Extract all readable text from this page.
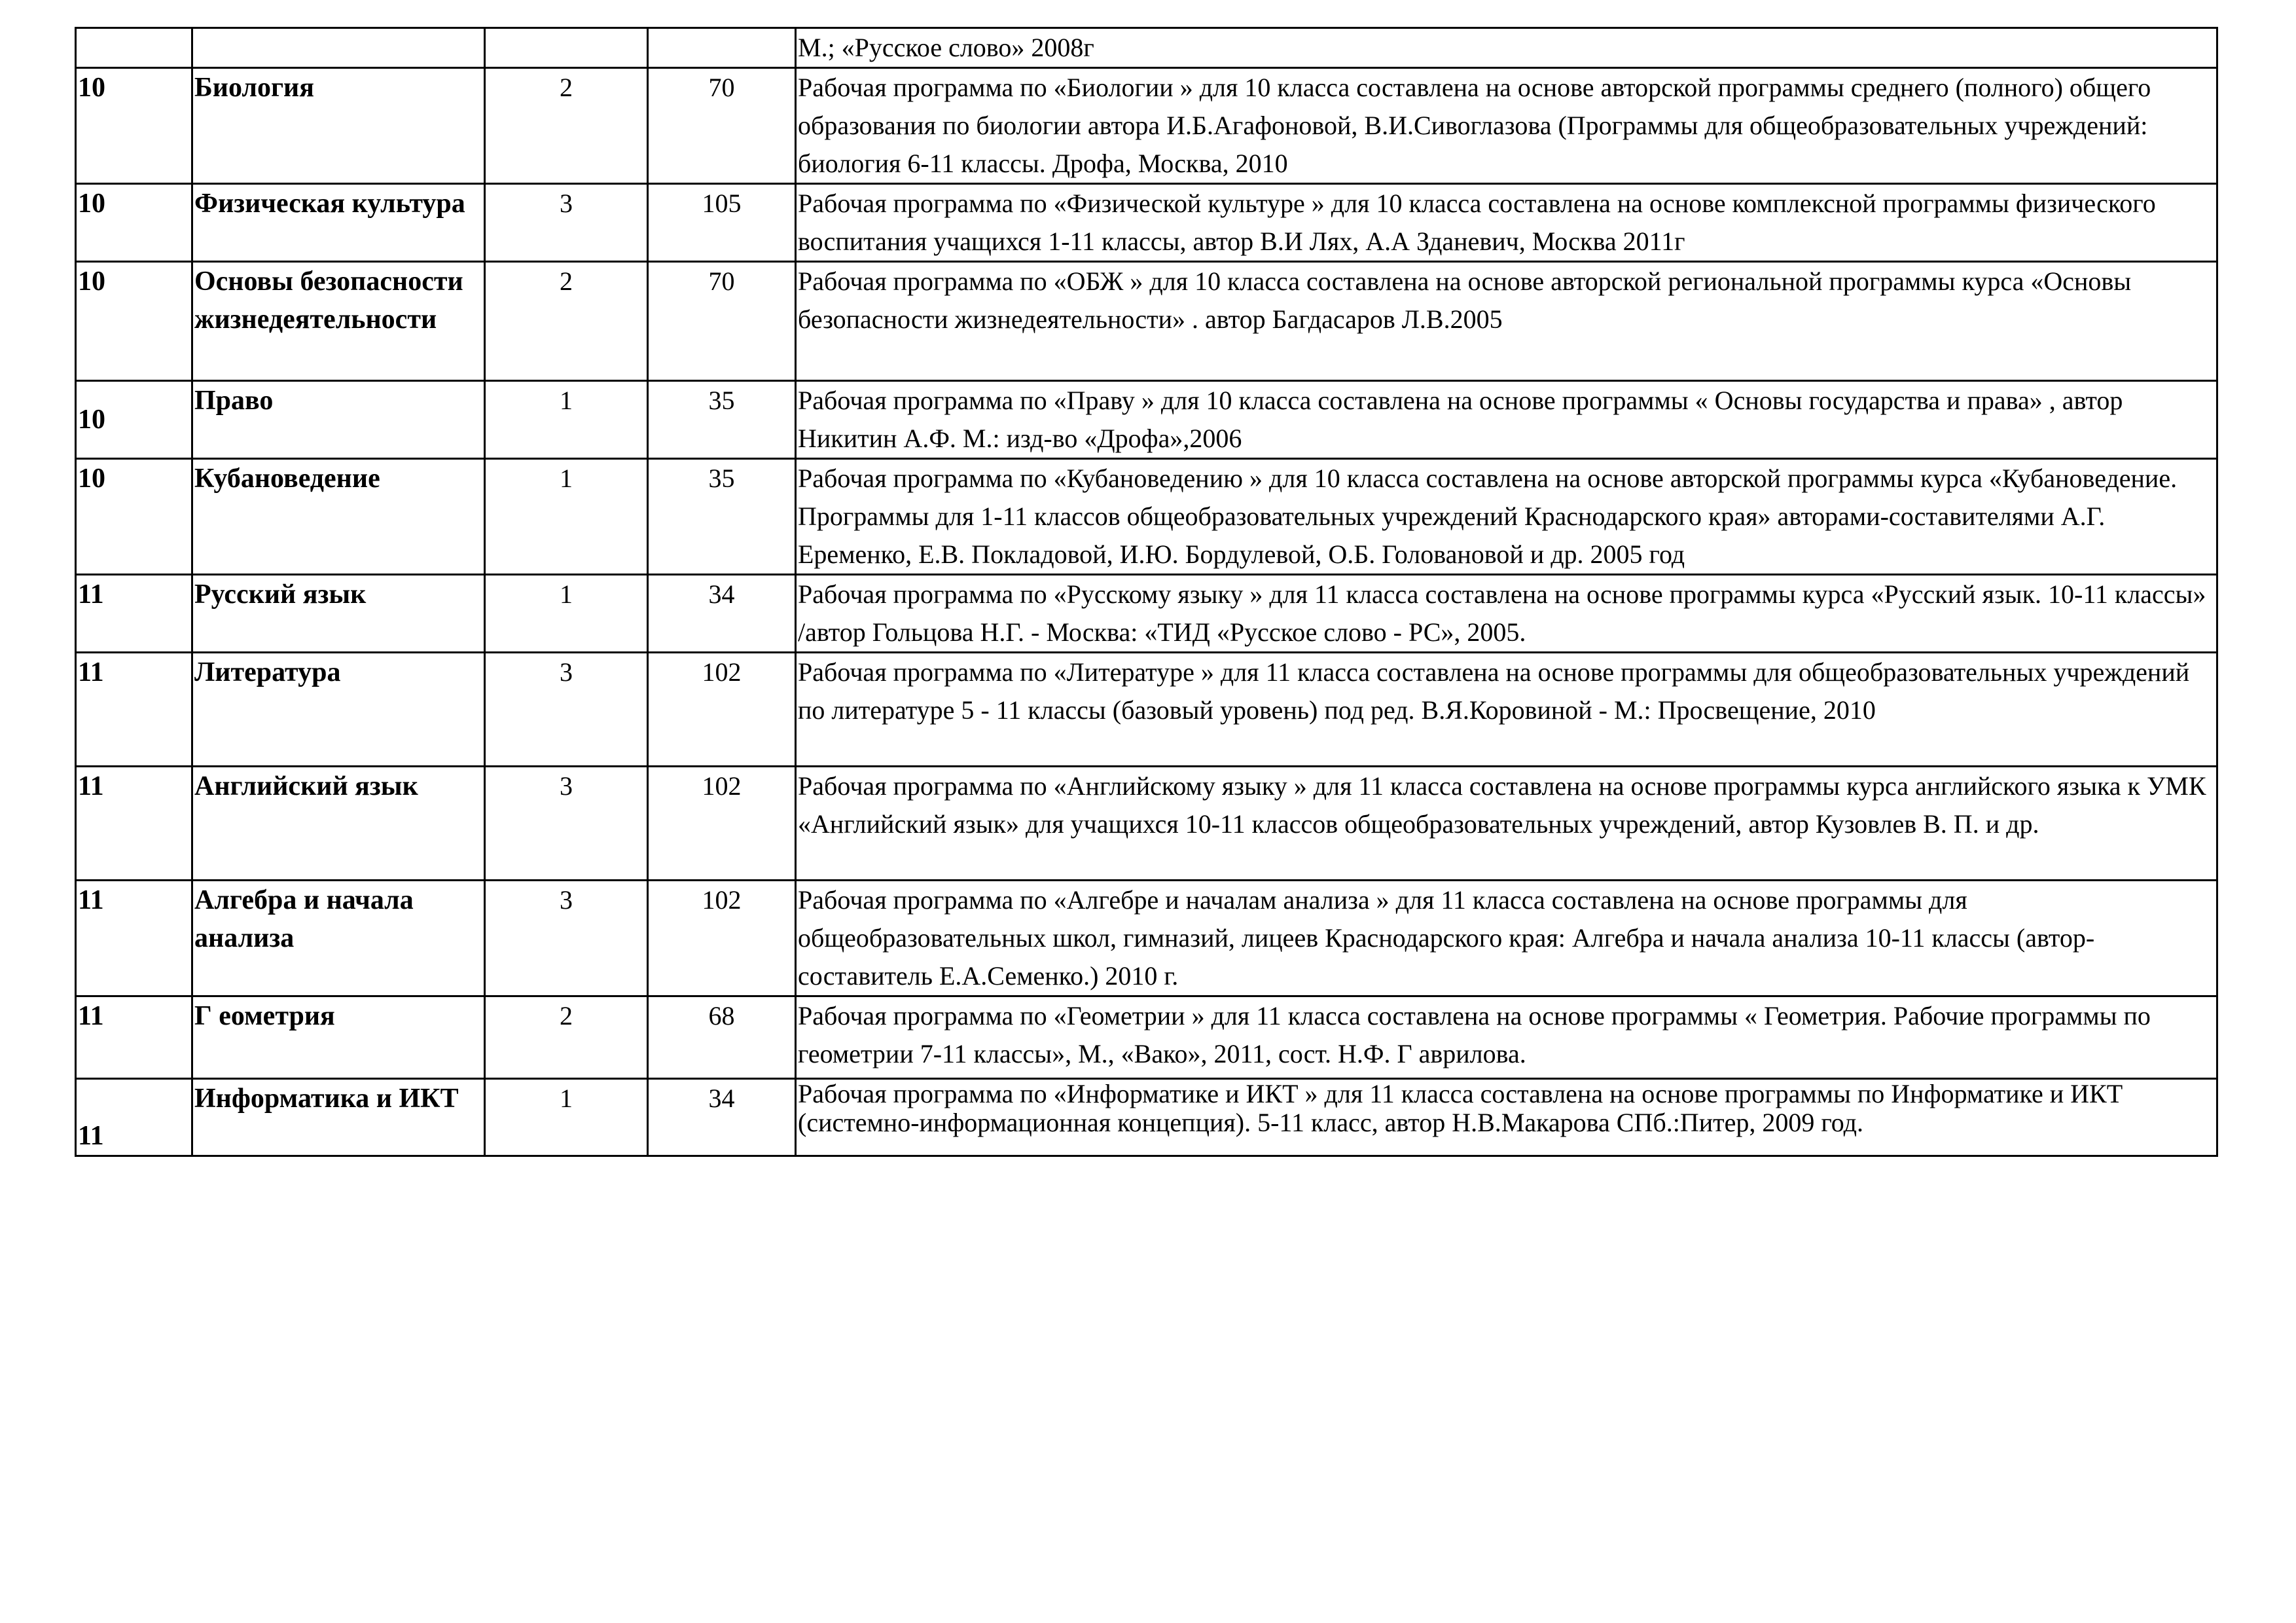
				М.; «Русское слово» 2008г
10	Биология	2	70	Рабочая программа по «Биологии » для 10 класса составлена на основе авторской программы среднего (полного) общего образования по биологии автора И.Б.Агафоновой, В.И.Сивоглазова (Программы для общеобразовательных учреждений: биология 6-11 классы. Дрофа, Москва, 2010
10	Физическая культура	3	105	Рабочая программа по «Физической культуре » для 10 класса составлена на основе комплексной программы физического воспитания учащихся 1-11 классы, автор В.И Лях, А.А Зданевич, Москва 2011г
10	Основы безопасности жизнедеятельности	2	70	Рабочая программа по «ОБЖ » для 10 класса составлена на основе авторской региональной программы курса «Основы безопасности жизнедеятельности» . автор Багдасаров Л.В.2005
10	Право	1	35	Рабочая программа по «Праву » для 10 класса составлена на основе программы « Основы государства и права» , автор Никитин А.Ф. М.: изд-во «Дрофа»,2006
10	Кубановедение	1	35	Рабочая программа по «Кубановедению » для 10 класса составлена на основе авторской программы курса «Кубановедение. Программы для 1-11 классов общеобразовательных учреждений Краснодарского края» авторами-составителями А.Г. Еременко, Е.В. Покладовой, И.Ю. Бордулевой, О.Б. Головановой и др. 2005 год
11	Русский язык	1	34	Рабочая программа по «Русскому языку » для 11 класса составлена на основе программы курса «Русский язык. 10-11 классы» /автор Гольцова Н.Г. - Москва: «ТИД «Русское слово - РС», 2005.
11	Литература	3	102	Рабочая программа по «Литературе » для 11 класса составлена на основе программы для общеобразовательных учреждений по литературе 5 - 11 классы (базовый уровень) под ред. В.Я.Коровиной - М.: Просвещение, 2010
11	Английский язык	3	102	Рабочая программа по «Английскому языку » для 11 класса составлена на основе программы курса английского языка к УМК «Английский язык» для учащихся 10-11 классов общеобразовательных учреждений, автор Кузовлев В. П. и др.
11	Алгебра и начала анализа	3	102	Рабочая программа по «Алгебре и началам анализа » для 11 класса составлена на основе программы для общеобразовательных школ, гимназий, лицеев Краснодарского края: Алгебра и начала анализа 10-11 классы (автор-составитель Е.А.Семенко.) 2010 г.
11	Г еометрия	2	68	Рабочая программа по «Геометрии » для 11 класса составлена на основе программы « Геометрия. Рабочие программы по геометрии 7-11 классы», М., «Вако», 2011, сост. Н.Ф. Г аврилова.
11	Информатика и ИКТ	1	34	Рабочая программа по «Информатике и ИКТ » для 11 класса составлена на основе программы по Информатике и ИКТ (системно-информационная концепция). 5-11 класс, автор Н.В.Макарова СПб.:Питер, 2009 год.
